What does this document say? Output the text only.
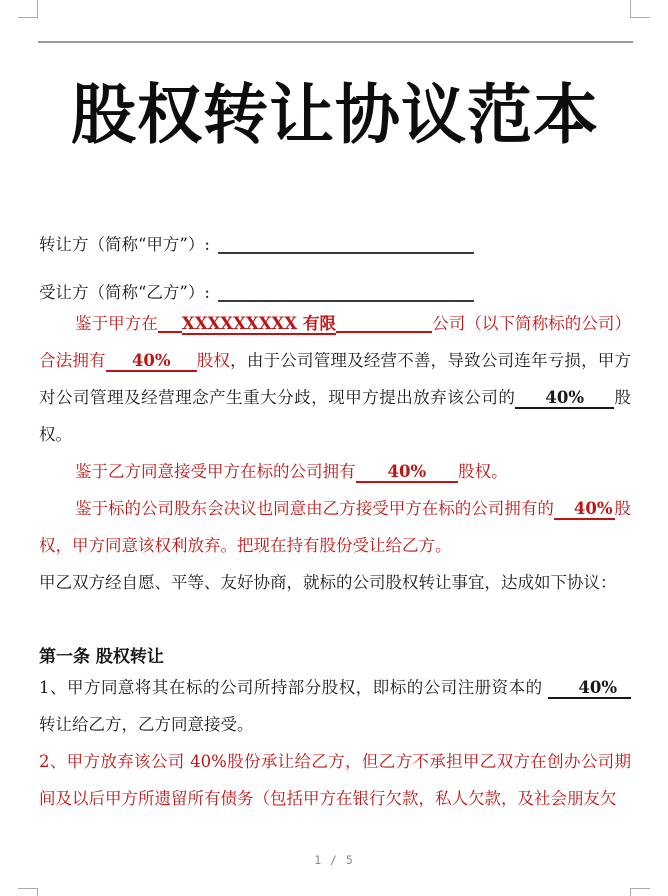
股权转让协议范本
转让方（简称“甲方”）:
受让方（简称“乙方”）:

鉴于甲方在 XXXXXXXXX 有限	公司（以下简称标的公司）合法拥有 40% 股权，由于公司管理及经营不善，导致公司连年亏损，甲方对公司管理及经营理念产生重大分歧，现甲方提出放弃该公司的 40% 股权。

鉴于乙方同意接受甲方在标的公司拥有 40% 股权。

鉴于标的公司股东会决议也同意由乙方接受甲方在标的公司拥有的 40% 股权，甲方同意该权利放弃。把现在持有股份受让给乙方。

甲乙双方经自愿、平等、友好协商，就标的公司股权转让事宜，达成如下协议：

第一条 股权转让

1、甲方同意将其在标的公司所持部分股权，即标的公司注册资本的 40%转让给乙方，乙方同意接受。

2、甲方放弃该公司 40%股份承让给乙方，但乙方不承担甲乙双方在创办公司期间及以后甲方所遗留所有债务（包括甲方在银行欠款，私人欠款，及社会朋友欠

1 / 5
